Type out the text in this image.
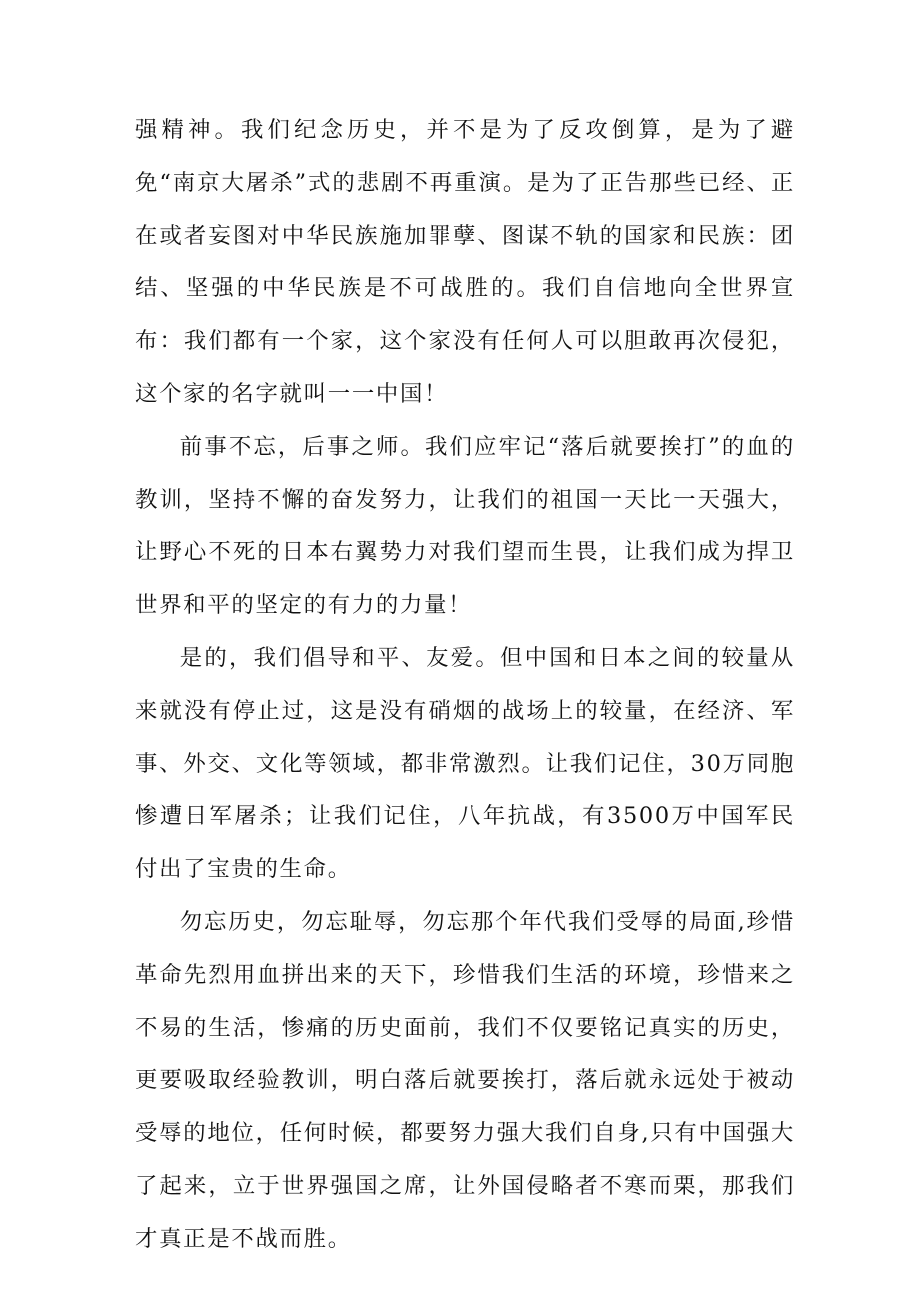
强精神。我们纪念历史，并不是为了反攻倒算，是为了避免“南京大屠杀”式的悲剧不再重演。是为了正告那些已经、正在或者妄图对中华民族施加罪孽、图谋不轨的国家和民族：团结、坚强的中华民族是不可战胜的。我们自信地向全世界宣布：我们都有一个家，这个家没有任何人可以胆敢再次侵犯，这个家的名字就叫一一中国！

前事不忘，后事之师。我们应牢记“落后就要挨打”的血的教训，坚持不懈的奋发努力，让我们的祖国一天比一天强大，让野心不死的日本右翼势力对我们望而生畏，让我们成为捍卫世界和平的坚定的有力的力量！

是的，我们倡导和平、友爱。但中国和日本之间的较量从来就没有停止过，这是没有硝烟的战场上的较量，在经济、军事、外交、文化等领域，都非常激烈。让我们记住，30万同胞惨遭日军屠杀；让我们记住，八年抗战，有3500万中国军民付出了宝贵的生命。

勿忘历史，勿忘耻辱，勿忘那个年代我们受辱的局面,珍惜革命先烈用血拼出来的天下，珍惜我们生活的环境，珍惜来之不易的生活，惨痛的历史面前，我们不仅要铭记真实的历史，更要吸取经验教训，明白落后就要挨打，落后就永远处于被动受辱的地位，任何时候，都要努力强大我们自身,只有中国强大了起来，立于世界强国之席，让外国侵略者不寒而栗，那我们才真正是不战而胜。
